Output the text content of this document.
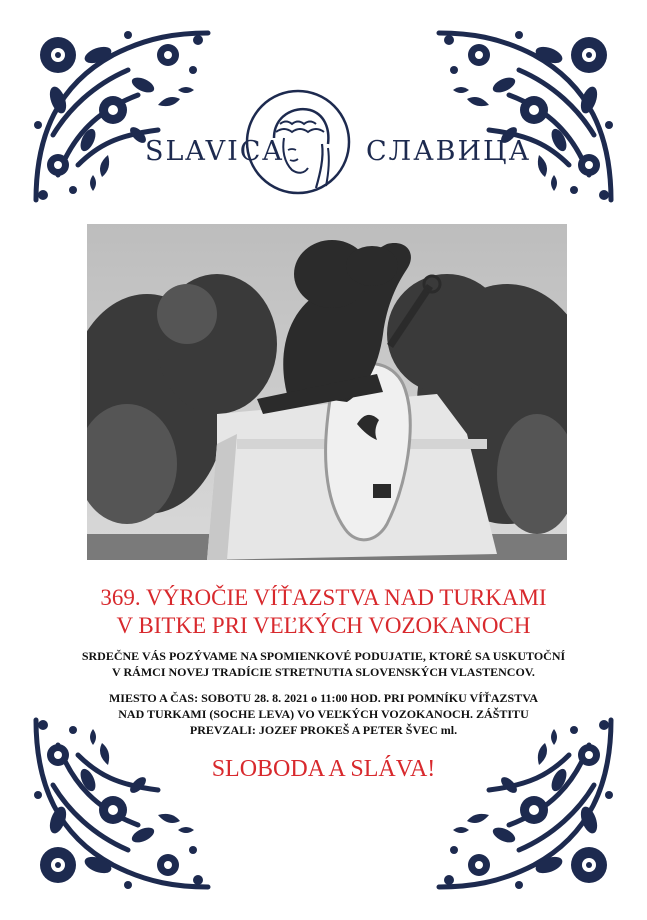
SLAVICA	СЛАВИЦА
369. VÝROČIE VÍŤAZSTVA NAD TURKAMI
V BITKE PRI VEĽKÝCH VOZOKANOCH
SRDEČNE VÁS POZÝVAME NA SPOMIENKOVÉ PODUJATIE, KTORÉ SA USKUTOČNÍ
V RÁMCI NOVEJ TRADÍCIE STRETNUTIA SLOVENSKÝCH VLASTENCOV.
MIESTO A ČAS: SOBOTU 28. 8. 2021 o 11:00 HOD. PRI POMNÍKU VÍŤAZSTVA
NAD TURKAMI (SOCHE LEVA) VO VEĽKÝCH VOZOKANOCH. ZÁŠTITU
PREVZALI: JOZEF PROKEŠ A PETER ŠVEC ml.
SLOBODA A SLÁVA!
